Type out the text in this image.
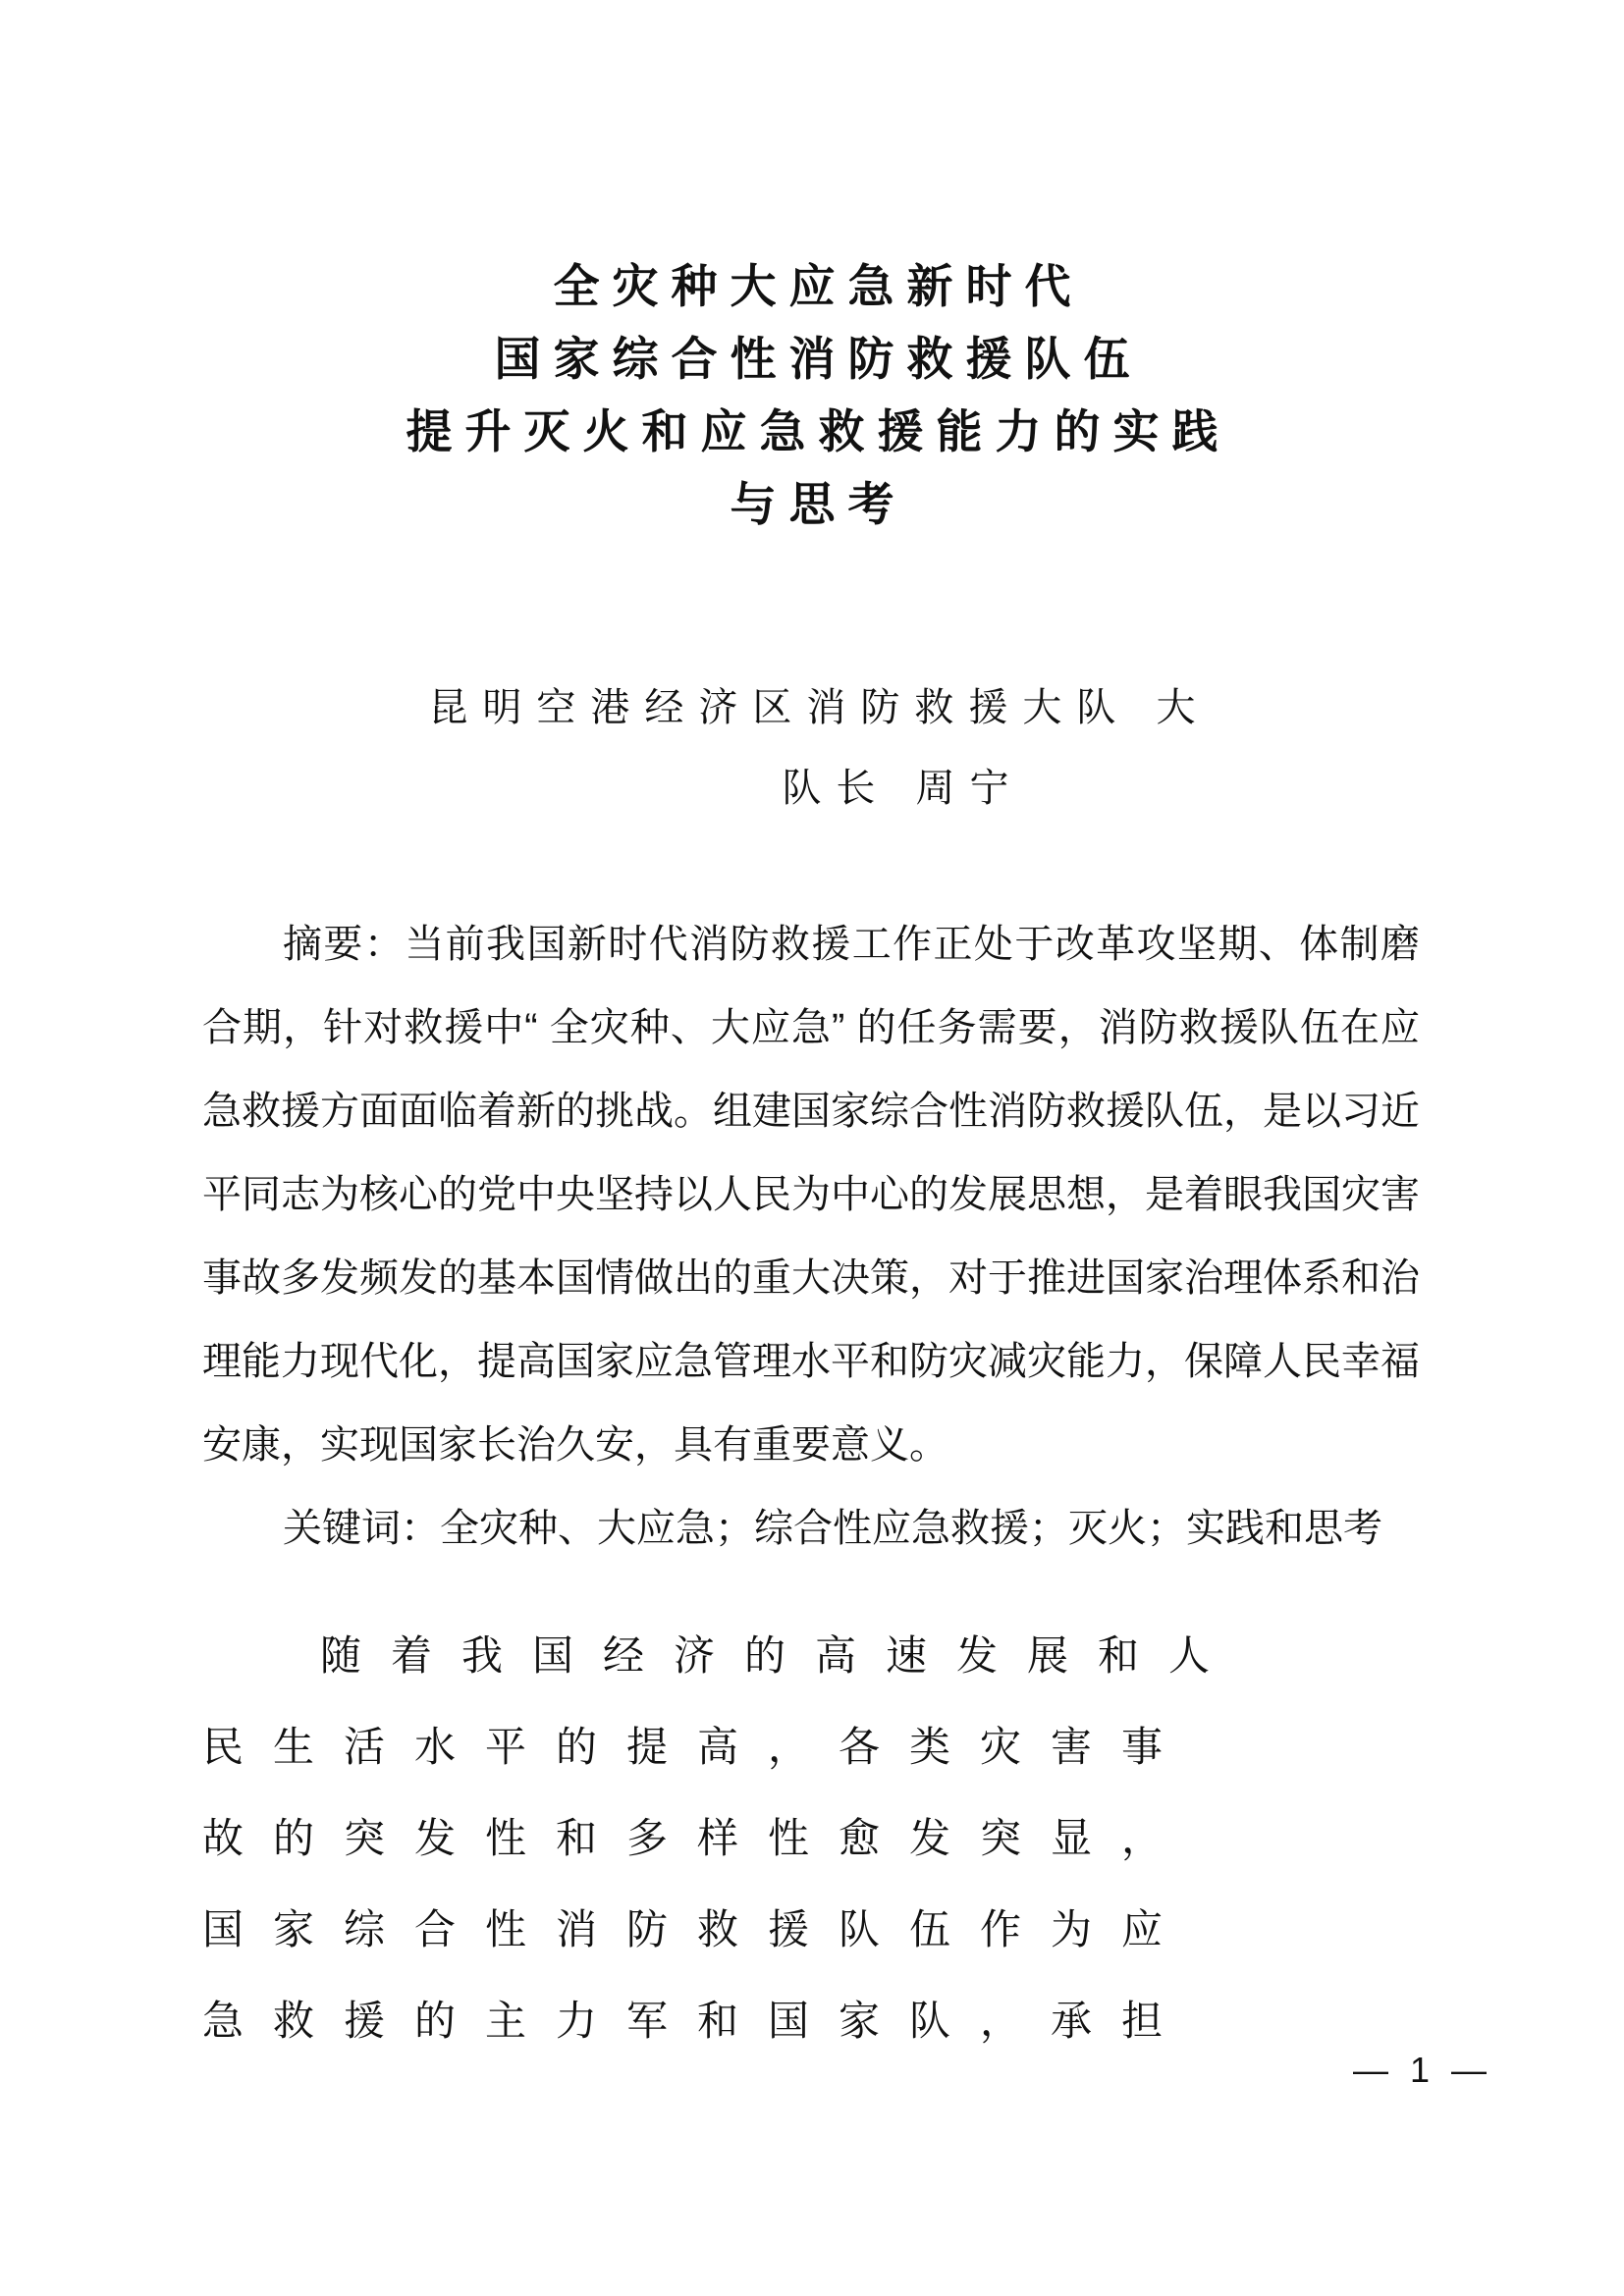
全灾种大应急新时代
国家综合性消防救援队伍
提升灭火和应急救援能力的实践
与思考
昆明空港经济区消防救援大队 大
队长 周宁
摘要：当前我国新时代消防救援工作正处于改革攻坚期、体制磨合期，针对救援中“ 全灾种、大应急” 的任务需要，消防救援队伍在应急救援方面面临着新的挑战。组建国家综合性消防救援队伍，是以习近平同志为核心的党中央坚持以人民为中心的发展思想，是着眼我国灾害事故多发频发的基本国情做出的重大决策，对于推进国家治理体系和治理能力现代化，提高国家应急管理水平和防灾减灾能力，保障人民幸福安康，实现国家长治久安，具有重要意义。
关键词：全灾种、大应急；综合性应急救援；灭火；实践和思考
随着我国经济的高速发展和人
民生活水平的提高，各类灾害事
故的突发性和多样性愈发突显，
国家综合性消防救援队伍作为应
急救援的主力军和国家队，承担
— 1 —
